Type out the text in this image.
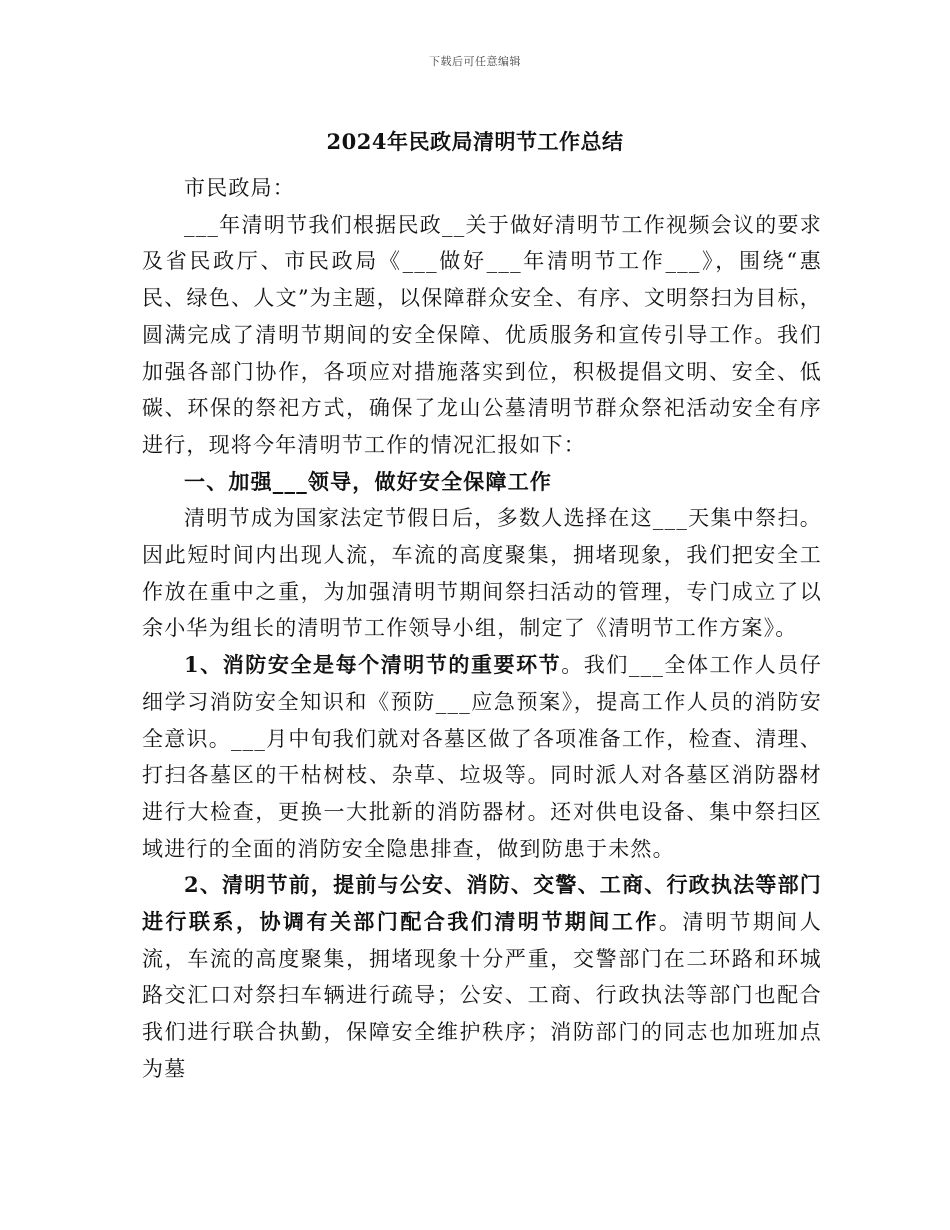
下载后可任意编辑
2024年民政局清明节工作总结

市民政局：

___年清明节我们根据民政__关于做好清明节工作视频会议的要求及省民政厅、市民政局《___做好___年清明节工作___》，围绕“惠民、绿色、人文”为主题，以保障群众安全、有序、文明祭扫为目标，圆满完成了清明节期间的安全保障、优质服务和宣传引导工作。我们加强各部门协作，各项应对措施落实到位，积极提倡文明、安全、低碳、环保的祭祀方式，确保了龙山公墓清明节群众祭祀活动安全有序进行，现将今年清明节工作的情况汇报如下：

一、加强___领导，做好安全保障工作

清明节成为国家法定节假日后，多数人选择在这___天集中祭扫。因此短时间内出现人流，车流的高度聚集，拥堵现象，我们把安全工作放在重中之重，为加强清明节期间祭扫活动的管理，专门成立了以余小华为组长的清明节工作领导小组，制定了《清明节工作方案》。

1、消防安全是每个清明节的重要环节。我们___全体工作人员仔细学习消防安全知识和《预防___应急预案》，提高工作人员的消防安全意识。___月中旬我们就对各墓区做了各项准备工作，检查、清理、打扫各墓区的干枯树枝、杂草、垃圾等。同时派人对各墓区消防器材进行大检查，更换一大批新的消防器材。还对供电设备、集中祭扫区域进行的全面的消防安全隐患排查，做到防患于未然。

2、清明节前，提前与公安、消防、交警、工商、行政执法等部门进行联系，协调有关部门配合我们清明节期间工作。清明节期间人流，车流的高度聚集，拥堵现象十分严重，交警部门在二环路和环城路交汇口对祭扫车辆进行疏导；公安、工商、行政执法等部门也配合我们进行联合执勤，保障安全维护秩序；消防部门的同志也加班加点为墓
